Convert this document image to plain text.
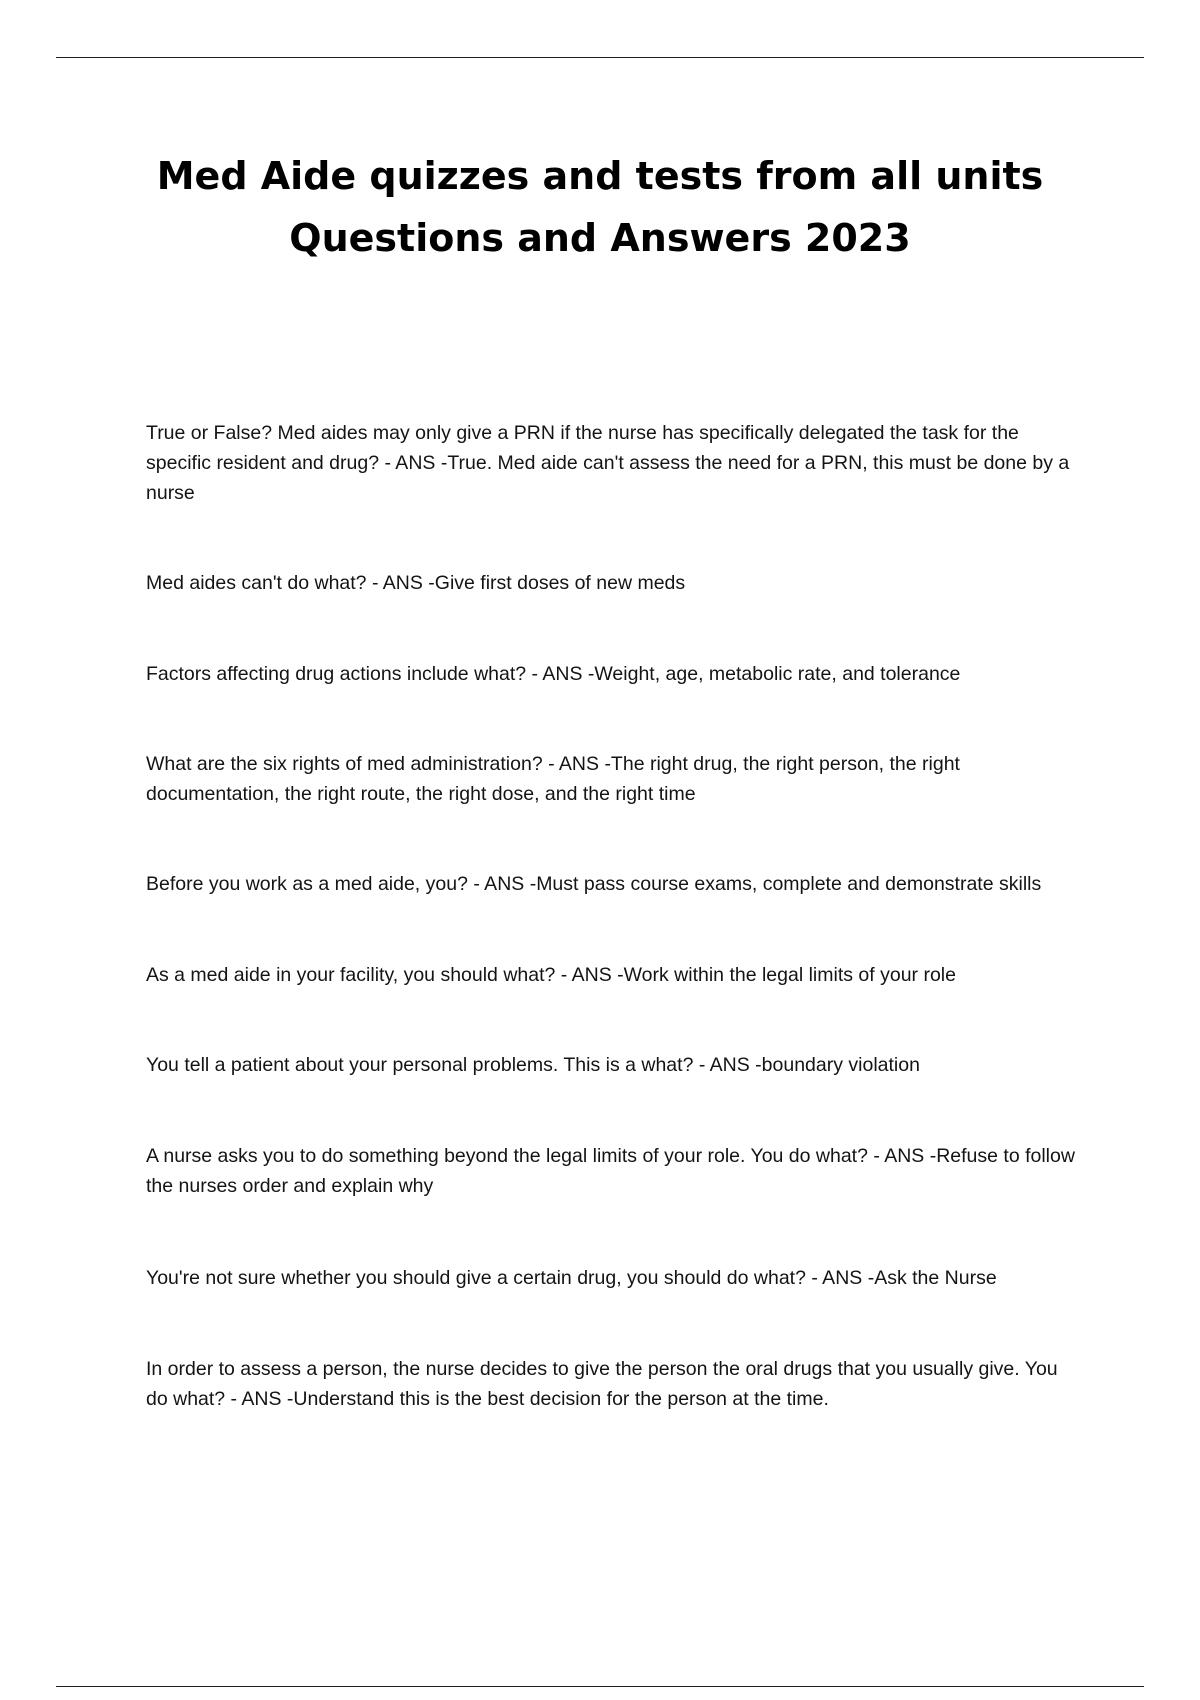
Med Aide quizzes and tests from all units
Questions and Answers 2023
True or False? Med aides may only give a PRN if the nurse has specifically delegated the task for the specific resident and drug? - ANS -True. Med aide can't assess the need for a PRN, this must be done by a nurse
Med aides can't do what? - ANS -Give first doses of new meds
Factors affecting drug actions include what? - ANS -Weight, age, metabolic rate, and tolerance
What are the six rights of med administration? - ANS -The right drug, the right person, the right documentation, the right route, the right dose, and the right time
Before you work as a med aide, you? - ANS -Must pass course exams, complete and demonstrate skills
As a med aide in your facility, you should what? - ANS -Work within the legal limits of your role
You tell a patient about your personal problems. This is a what? - ANS -boundary violation
A nurse asks you to do something beyond the legal limits of your role. You do what? - ANS -Refuse to follow the nurses order and explain why
You're not sure whether you should give a certain drug, you should do what? - ANS -Ask the Nurse
In order to assess a person, the nurse decides to give the person the oral drugs that you usually give. You do what? - ANS -Understand this is the best decision for the person at the time.
